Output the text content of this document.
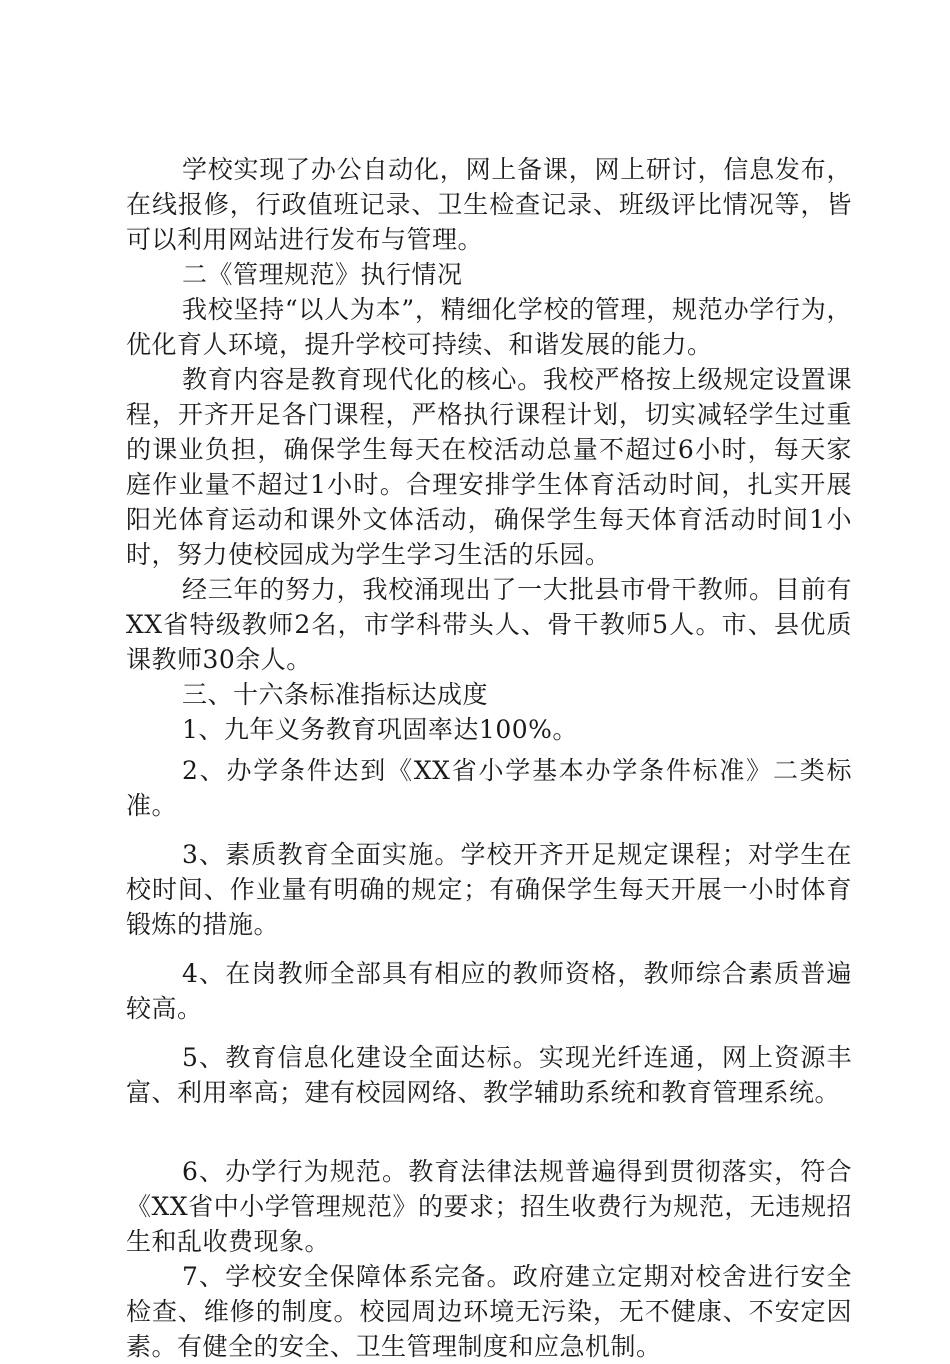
学校实现了办公自动化，网上备课，网上研讨，信息发布，在线报修，行政值班记录、卫生检查记录、班级评比情况等，皆可以利用网站进行发布与管理。

二《管理规范》执行情况

我校坚持“以人为本”，精细化学校的管理，规范办学行为，优化育人环境，提升学校可持续、和谐发展的能力。

教育内容是教育现代化的核心。我校严格按上级规定设置课程，开齐开足各门课程，严格执行课程计划，切实减轻学生过重的课业负担，确保学生每天在校活动总量不超过6小时，每天家庭作业量不超过1小时。合理安排学生体育活动时间，扎实开展阳光体育运动和课外文体活动，确保学生每天体育活动时间1小时，努力使校园成为学生学习生活的乐园。

经三年的努力，我校涌现出了一大批县市骨干教师。目前有XX省特级教师2名，市学科带头人、骨干教师5人。市、县优质课教师30余人。

三、十六条标准指标达成度

1、九年义务教育巩固率达100%。

2、办学条件达到《XX省小学基本办学条件标准》二类标准。

3、素质教育全面实施。学校开齐开足规定课程；对学生在校时间、作业量有明确的规定；有确保学生每天开展一小时体育锻炼的措施。

4、在岗教师全部具有相应的教师资格，教师综合素质普遍较高。

5、教育信息化建设全面达标。实现光纤连通，网上资源丰富、利用率高；建有校园网络、教学辅助系统和教育管理系统。

6、办学行为规范。教育法律法规普遍得到贯彻落实，符合《XX省中小学管理规范》的要求；招生收费行为规范，无违规招生和乱收费现象。

7、学校安全保障体系完备。政府建立定期对校舍进行安全检查、维修的制度。校园周边环境无污染，无不健康、不安定因素。有健全的安全、卫生管理制度和应急机制。
